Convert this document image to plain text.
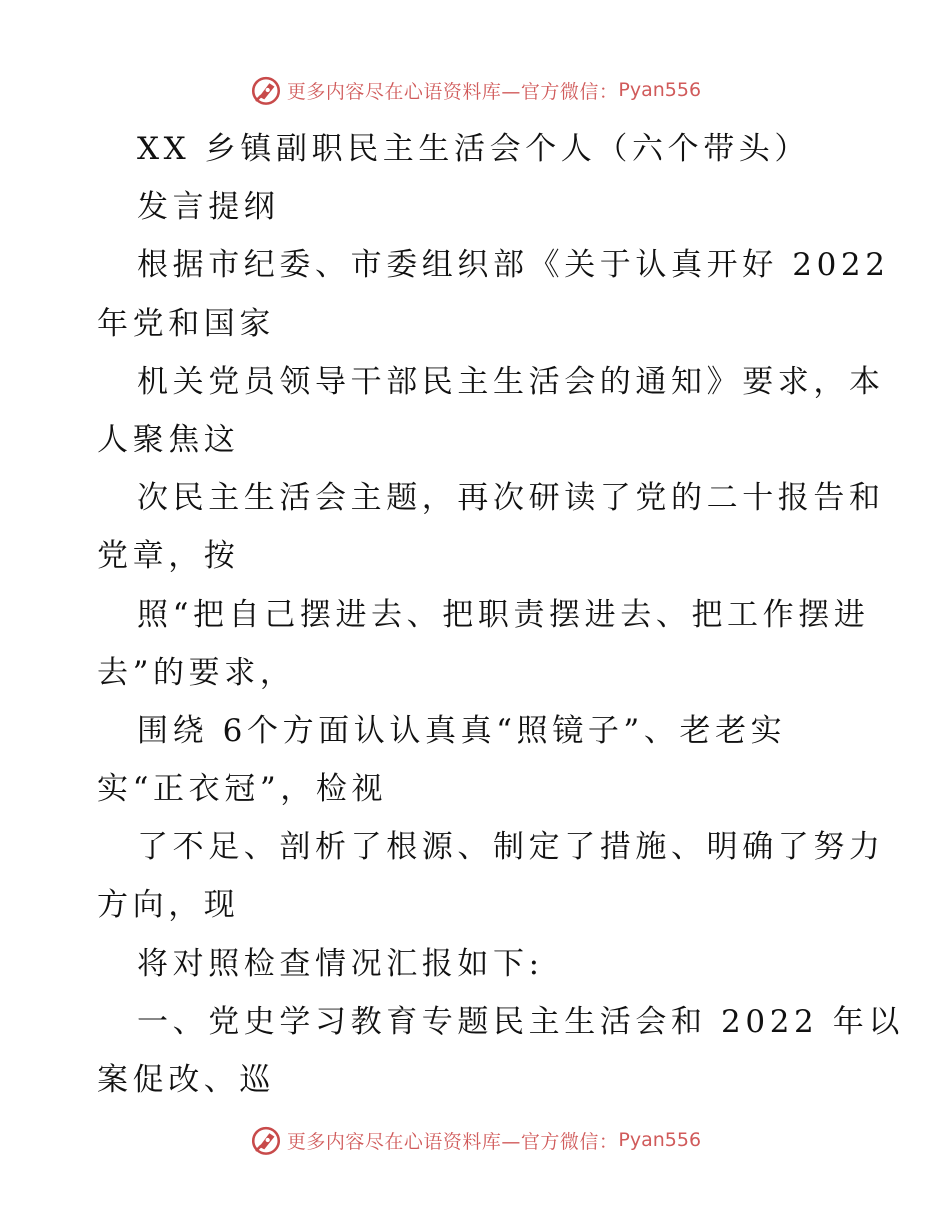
更多内容尽在心语资料库—官方微信： Pyan556
XX 乡镇副职民主生活会个人（六个带头）
发言提纲
根据市纪委、市委组织部《关于认真开好 2022
年党和国家
机关党员领导干部民主生活会的通知》要求，本
人聚焦这
次民主生活会主题，再次研读了党的二十报告和
党章，按
照“把自己摆进去、把职责摆进去、把工作摆进
去”的要求，
围绕 6个方面认认真真“照镜子”、老老实
实“正衣冠”，检视
了不足、剖析了根源、制定了措施、明确了努力
方向，现
将对照检查情况汇报如下:
一、党史学习教育专题民主生活会和 2022 年以
案促改、巡
更多内容尽在心语资料库—官方微信： Pyan556
